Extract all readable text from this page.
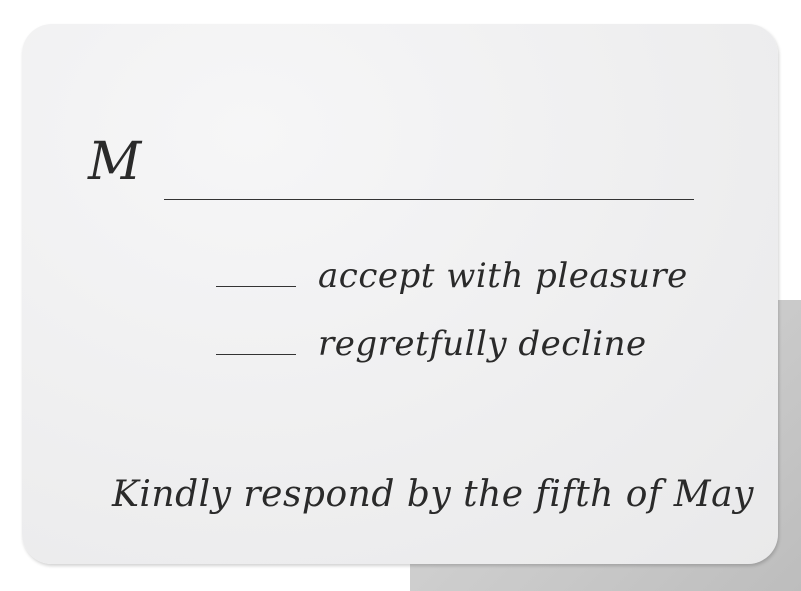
M
accept with pleasure
regretfully decline
Kindly respond by the fifth of May
